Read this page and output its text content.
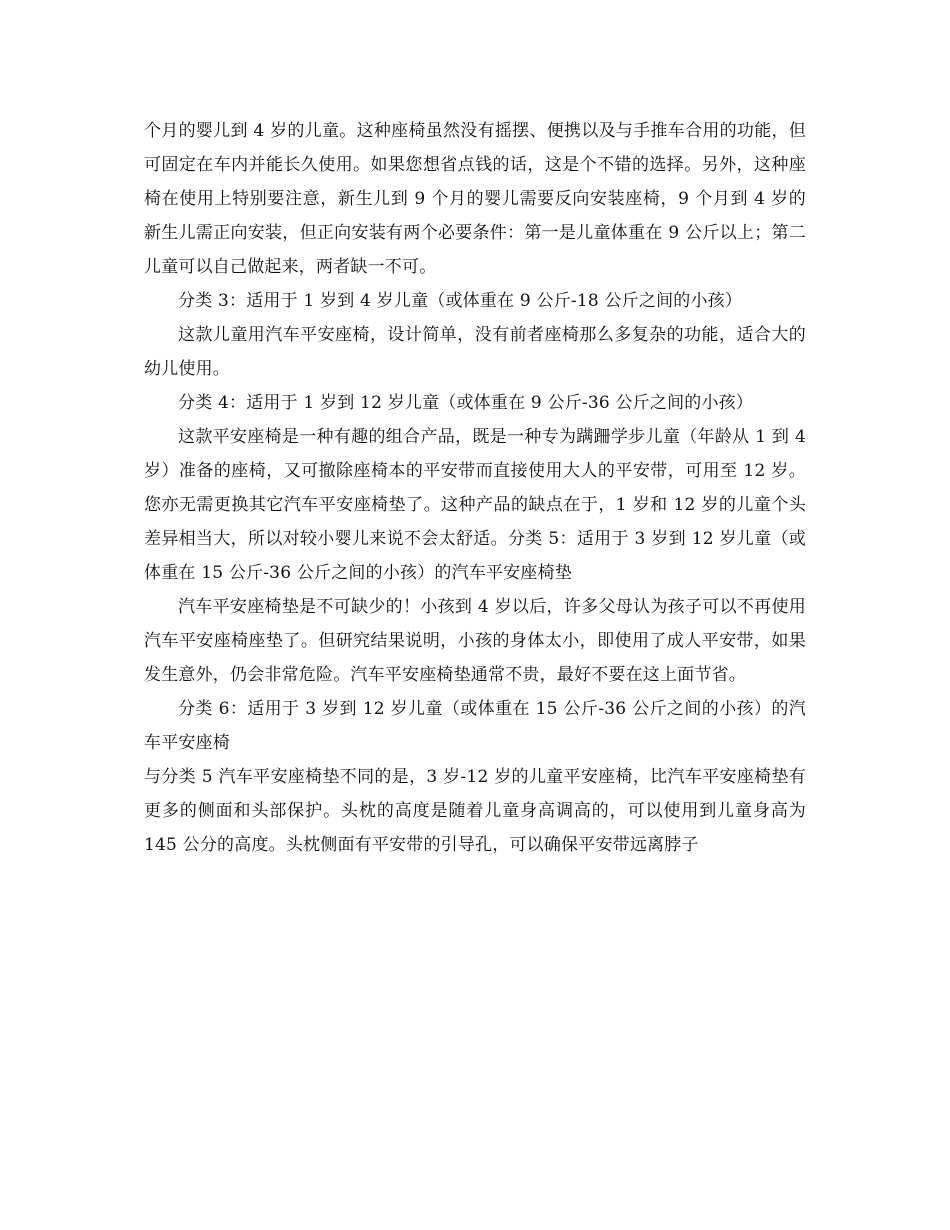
个月的婴儿到 4 岁的儿童。这种座椅虽然没有摇摆、便携以及与手推车合用的功能，但可固定在车内并能长久使用。如果您想省点钱的话，这是个不错的选择。另外，这种座椅在使用上特别要注意，新生儿到 9 个月的婴儿需要反向安装座椅，9 个月到 4 岁的新生儿需正向安装，但正向安装有两个必要条件：第一是儿童体重在 9 公斤以上；第二儿童可以自己做起来，两者缺一不可。

分类 3：适用于 1 岁到 4 岁儿童（或体重在 9 公斤-18 公斤之间的小孩）

这款儿童用汽车平安座椅，设计简单，没有前者座椅那么多复杂的功能，适合大的幼儿使用。

分类 4：适用于 1 岁到 12 岁儿童（或体重在 9 公斤-36 公斤之间的小孩）

这款平安座椅是一种有趣的组合产品，既是一种专为蹒跚学步儿童（年龄从 1 到 4 岁）准备的座椅，又可撤除座椅本的平安带而直接使用大人的平安带，可用至 12 岁。您亦无需更换其它汽车平安座椅垫了。这种产品的缺点在于，1 岁和 12 岁的儿童个头差异相当大，所以对较小婴儿来说不会太舒适。分类 5：适用于 3 岁到 12 岁儿童（或体重在 15 公斤-36 公斤之间的小孩）的汽车平安座椅垫

汽车平安座椅垫是不可缺少的！小孩到 4 岁以后，许多父母认为孩子可以不再使用汽车平安座椅座垫了。但研究结果说明，小孩的身体太小，即使用了成人平安带，如果发生意外，仍会非常危险。汽车平安座椅垫通常不贵，最好不要在这上面节省。

分类 6：适用于 3 岁到 12 岁儿童（或体重在 15 公斤-36 公斤之间的小孩）的汽车平安座椅

与分类 5 汽车平安座椅垫不同的是，3 岁-12 岁的儿童平安座椅，比汽车平安座椅垫有更多的侧面和头部保护。头枕的高度是随着儿童身高调高的，可以使用到儿童身高为 145 公分的高度。头枕侧面有平安带的引导孔，可以确保平安带远离脖子
